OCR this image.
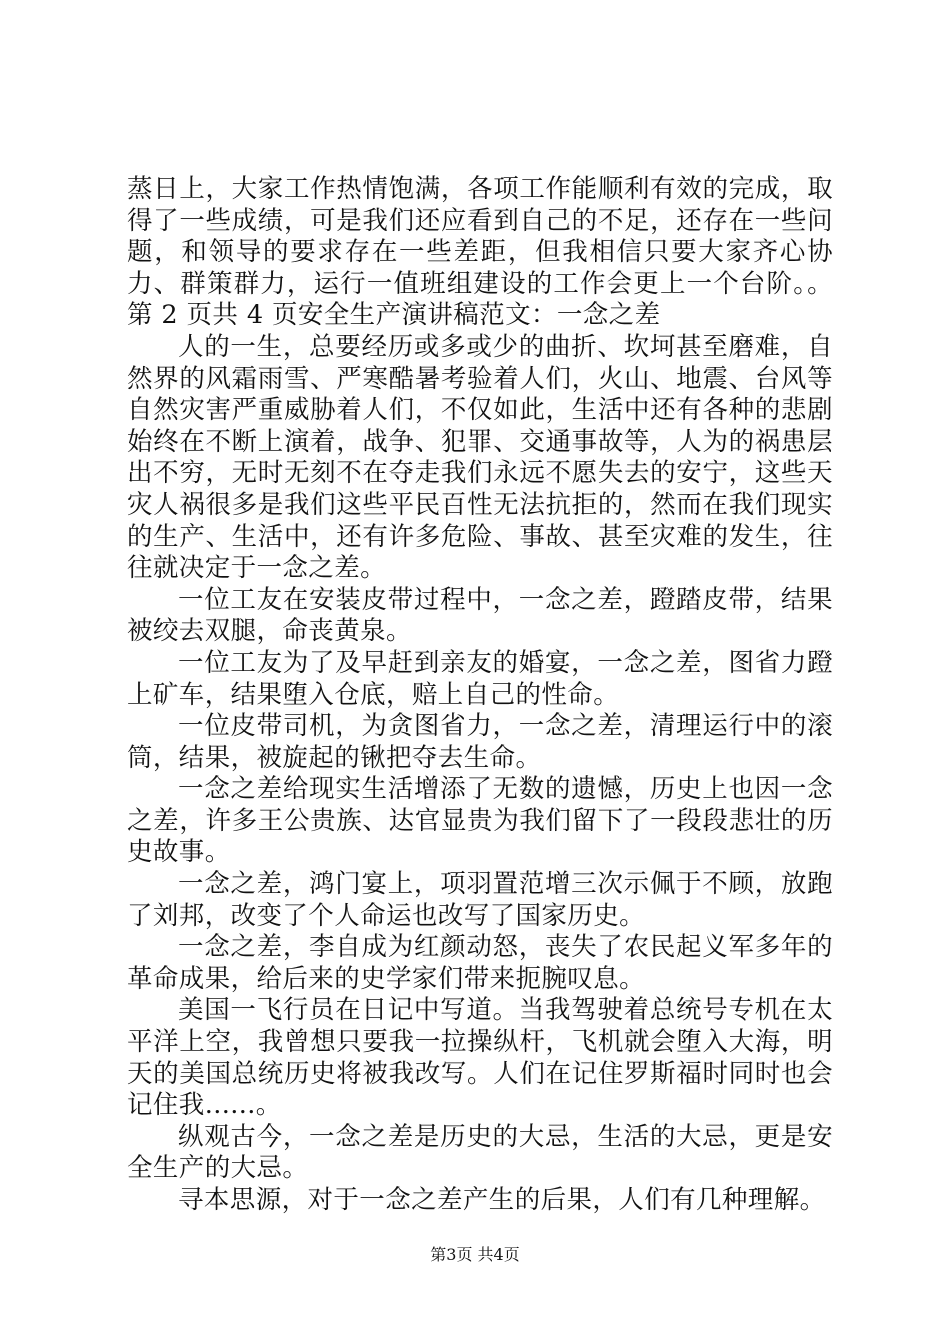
蒸日上，大家工作热情饱满，各项工作能顺利有效的完成，取得了一些成绩，可是我们还应看到自己的不足，还存在一些问题，和领导的要求存在一些差距，但我相信只要大家齐心协力、群策群力，运行一值班组建设的工作会更上一个台阶。。第 2 页共 4 页安全生产演讲稿范文：一念之差

人的一生，总要经历或多或少的曲折、坎坷甚至磨难，自然界的风霜雨雪、严寒酷暑考验着人们，火山、地震、台风等自然灾害严重威胁着人们，不仅如此，生活中还有各种的悲剧始终在不断上演着，战争、犯罪、交通事故等，人为的祸患层出不穷，无时无刻不在夺走我们永远不愿失去的安宁，这些天灾人祸很多是我们这些平民百性无法抗拒的，然而在我们现实的生产、生活中，还有许多危险、事故、甚至灾难的发生，往往就决定于一念之差。

一位工友在安装皮带过程中，一念之差，蹬踏皮带，结果被绞去双腿，命丧黄泉。

一位工友为了及早赶到亲友的婚宴，一念之差，图省力蹬上矿车，结果堕入仓底，赔上自己的性命。

一位皮带司机，为贪图省力，一念之差，清理运行中的滚筒，结果，被旋起的锹把夺去生命。

一念之差给现实生活增添了无数的遗憾，历史上也因一念之差，许多王公贵族、达官显贵为我们留下了一段段悲壮的历史故事。

一念之差，鸿门宴上，项羽置范增三次示佩于不顾，放跑了刘邦，改变了个人命运也改写了国家历史。

一念之差，李自成为红颜动怒，丧失了农民起义军多年的革命成果，给后来的史学家们带来扼腕叹息。

美国一飞行员在日记中写道。当我驾驶着总统号专机在太平洋上空，我曾想只要我一拉操纵杆，飞机就会堕入大海，明天的美国总统历史将被我改写。人们在记住罗斯福时同时也会记住我......。

纵观古今，一念之差是历史的大忌，生活的大忌，更是安全生产的大忌。

寻本思源，对于一念之差产生的后果，人们有几种理解。

第3页 共4页
